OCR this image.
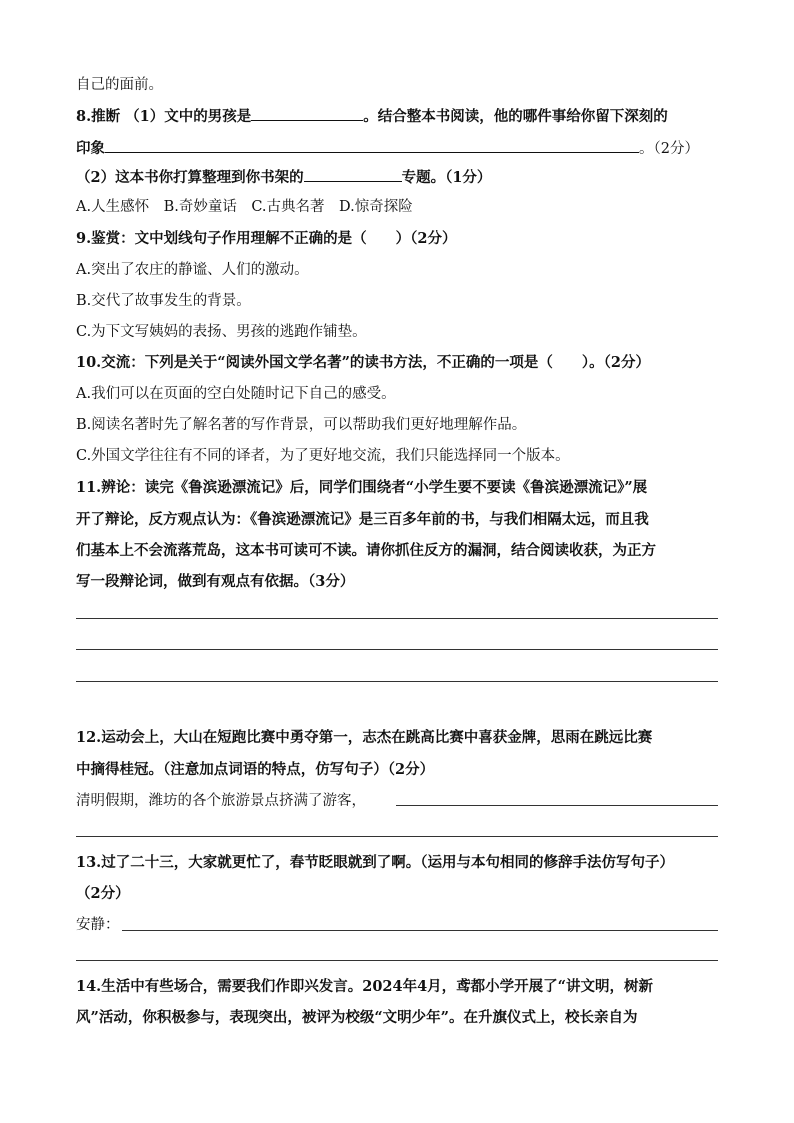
自己的面前。
8.推断 （1）文中的男孩是	。结合整本书阅读，他的哪件事给你留下深刻的
印象	。（2分）
（2）这本书你打算整理到你书架的	专题。（1分）
A.人生感怀　B.奇妙童话　C.古典名著　D.惊奇探险
9.鉴赏：文中划线句子作用理解不正确的是（　　）（2分）
A.突出了农庄的静谧、人们的激动。
B.交代了故事发生的背景。
C.为下文写姨妈的表扬、男孩的逃跑作铺垫。
10.交流：下列是关于“阅读外国文学名著”的读书方法，不正确的一项是（　　）。（2分）
A.我们可以在页面的空白处随时记下自己的感受。
B.阅读名著时先了解名著的写作背景，可以帮助我们更好地理解作品。
C.外国文学往往有不同的译者，为了更好地交流，我们只能选择同一个版本。
11.辨论：读完《鲁滨逊漂流记》后，同学们围绕者“小学生要不要读《鲁滨逊漂流记》”展
开了辩论，反方观点认为：《鲁滨逊漂流记》是三百多年前的书，与我们相隔太远，而且我
们基本上不会流落荒岛，这本书可读可不读。请你抓住反方的漏洞，结合阅读收获，为正方
写一段辩论词，做到有观点有依据。（3分）
12.运动会上，大山在短跑比赛中勇夺第一，志杰在跳高比赛中喜获金牌，思雨在跳远比赛
中摘得桂冠。（注意加点词语的特点，仿写句子）（2分）
清明假期，潍坊的各个旅游景点挤满了游客，
13.过了二十三，大家就更忙了，春节眨眼就到了啊。（运用与本句相同的修辞手法仿写句子）
（2分）
安静：
14.生活中有些场合，需要我们作即兴发言。2024年4月，鸢都小学开展了“讲文明，树新
风”活动，你积极参与，表现突出，被评为校级“文明少年”。在升旗仪式上，校长亲自为
